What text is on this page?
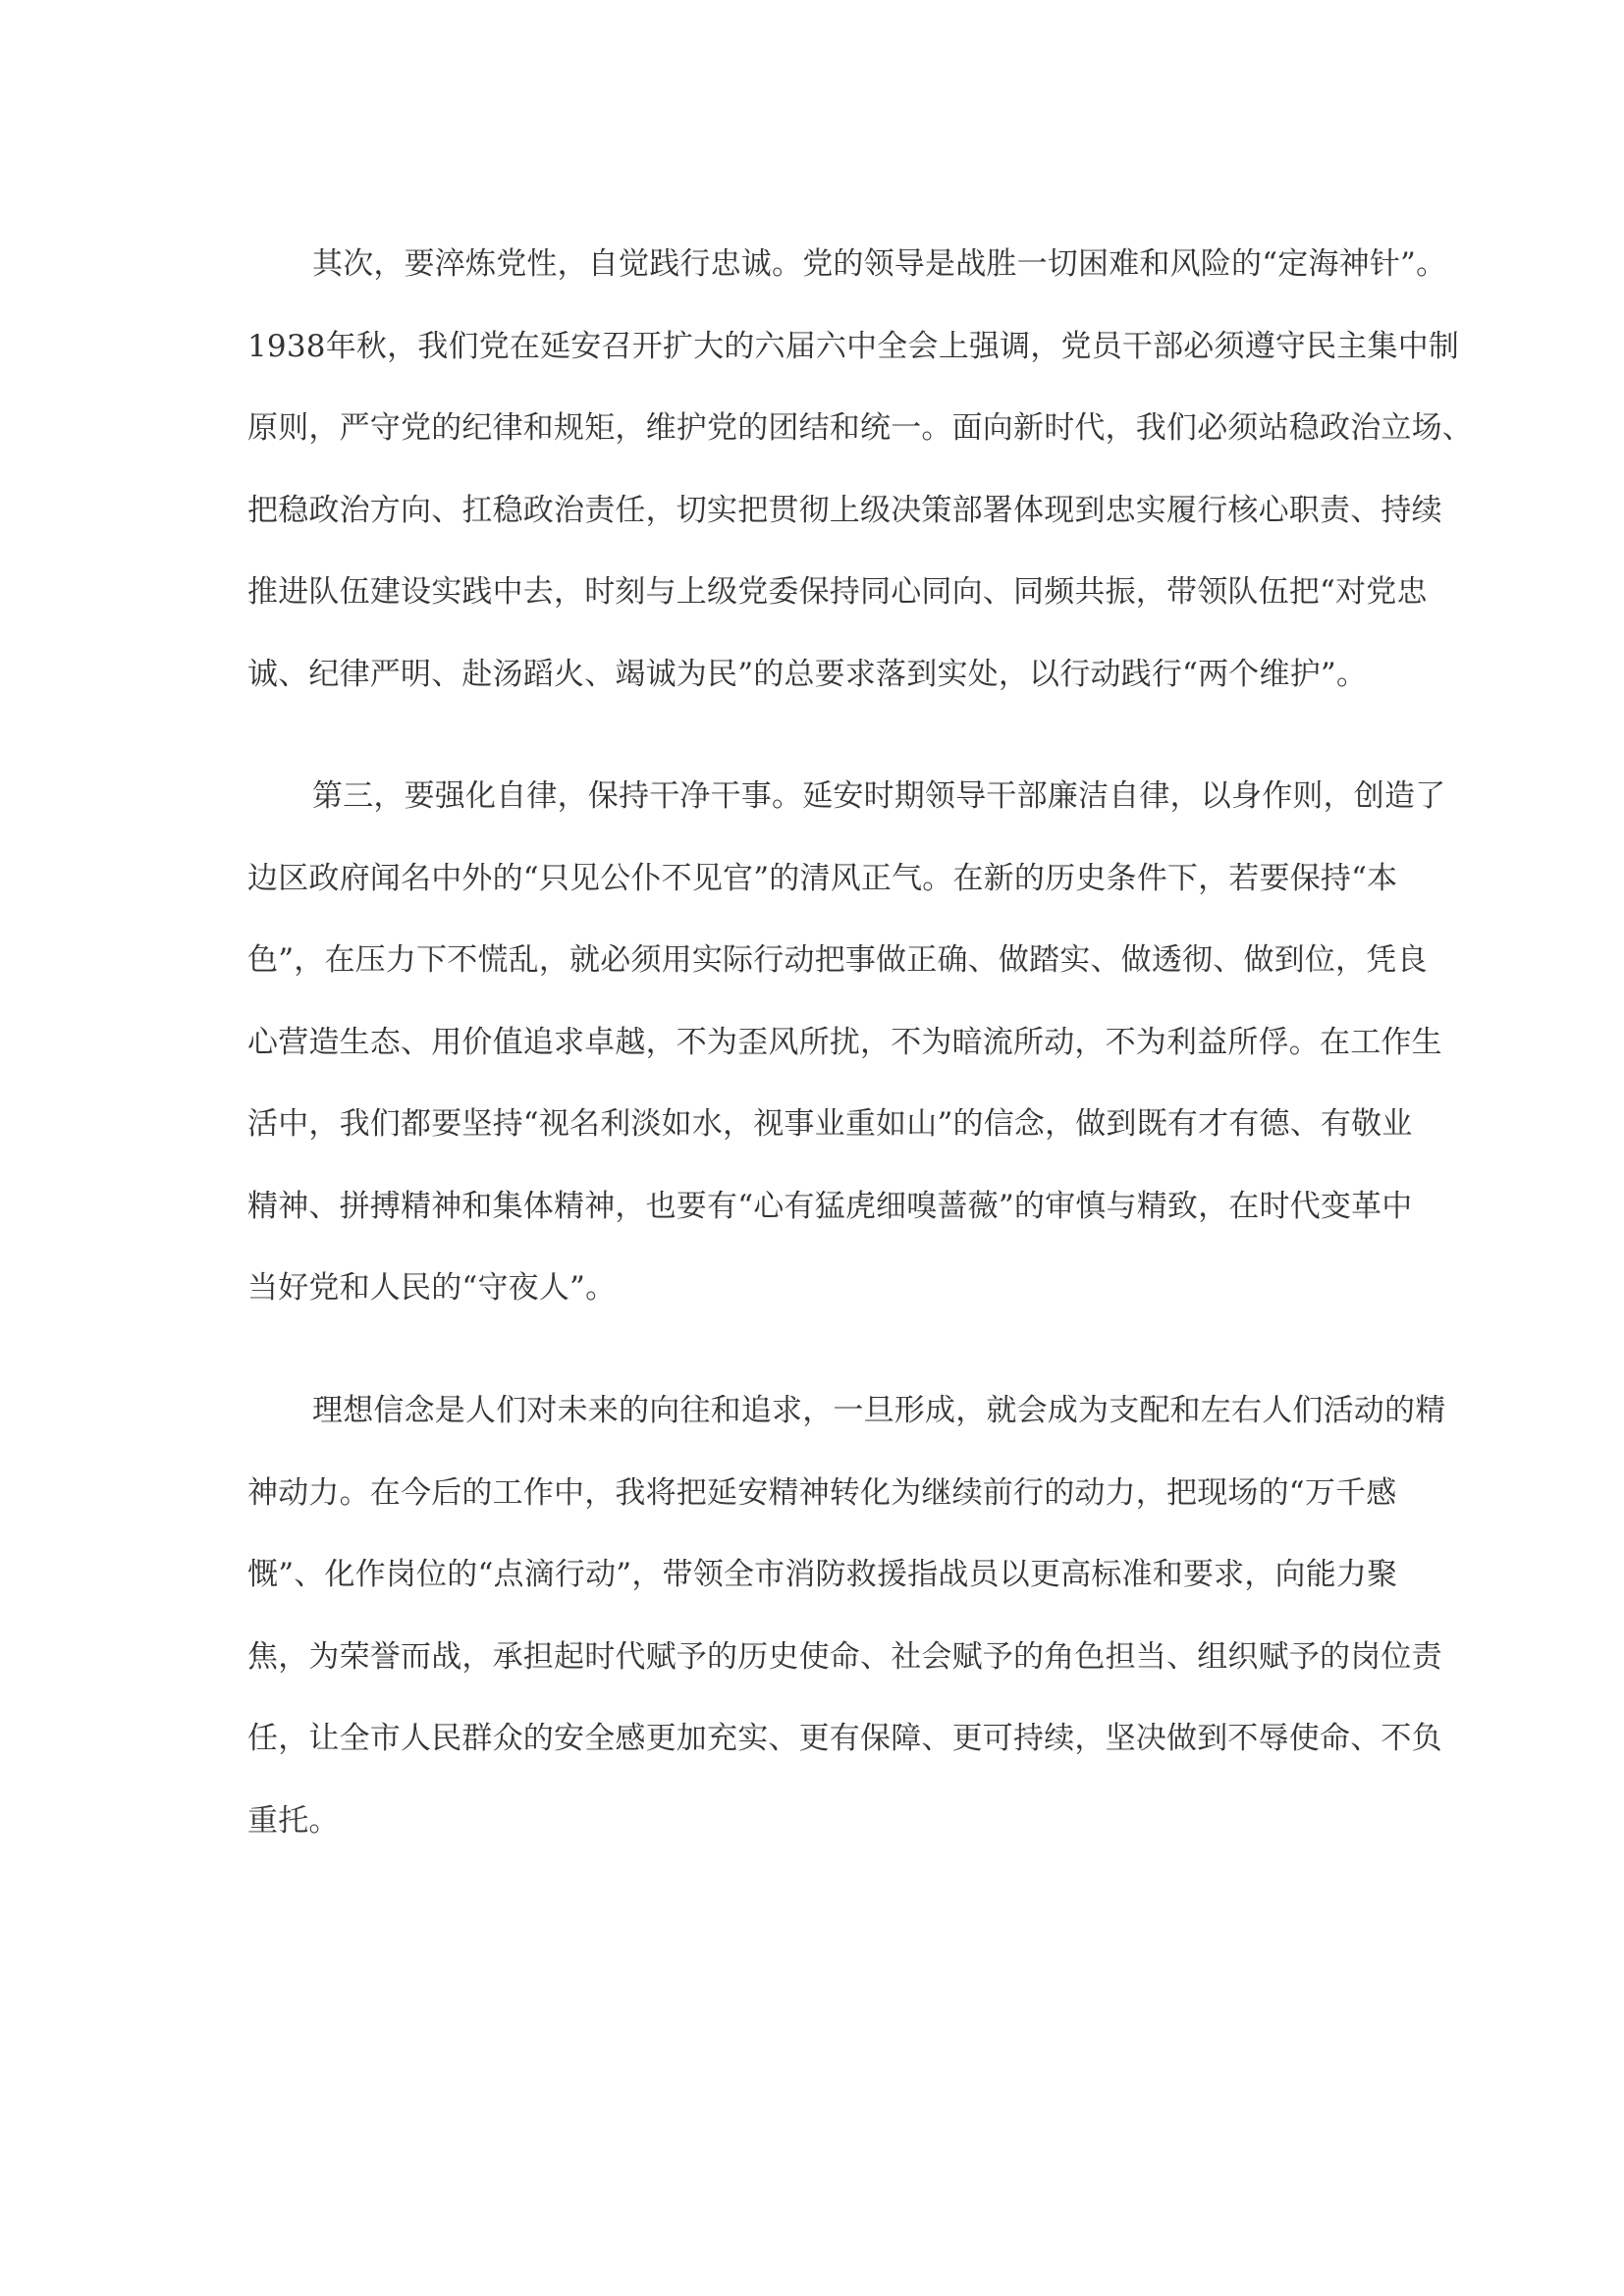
其次，要淬炼党性，自觉践行忠诚。党的领导是战胜一切困难和风险的“定海神针”。
1938年秋，我们党在延安召开扩大的六届六中全会上强调，党员干部必须遵守民主集中制
原则，严守党的纪律和规矩，维护党的团结和统一。面向新时代，我们必须站稳政治立场、
把稳政治方向、扛稳政治责任，切实把贯彻上级决策部署体现到忠实履行核心职责、持续
推进队伍建设实践中去，时刻与上级党委保持同心同向、同频共振，带领队伍把“对党忠
诚、纪律严明、赴汤蹈火、竭诚为民”的总要求落到实处，以行动践行“两个维护”。
第三，要强化自律，保持干净干事。延安时期领导干部廉洁自律，以身作则，创造了
边区政府闻名中外的“只见公仆不见官”的清风正气。在新的历史条件下，若要保持“本
色”，在压力下不慌乱，就必须用实际行动把事做正确、做踏实、做透彻、做到位，凭良
心营造生态、用价值追求卓越，不为歪风所扰，不为暗流所动，不为利益所俘。在工作生
活中，我们都要坚持“视名利淡如水，视事业重如山”的信念，做到既有才有德、有敬业
精神、拼搏精神和集体精神，也要有“心有猛虎细嗅蔷薇”的审慎与精致，在时代变革中
当好党和人民的“守夜人”。
理想信念是人们对未来的向往和追求，一旦形成，就会成为支配和左右人们活动的精
神动力。在今后的工作中，我将把延安精神转化为继续前行的动力，把现场的“万千感
慨”、化作岗位的“点滴行动”，带领全市消防救援指战员以更高标准和要求，向能力聚
焦，为荣誉而战，承担起时代赋予的历史使命、社会赋予的角色担当、组织赋予的岗位责
任，让全市人民群众的安全感更加充实、更有保障、更可持续，坚决做到不辱使命、不负
重托。
